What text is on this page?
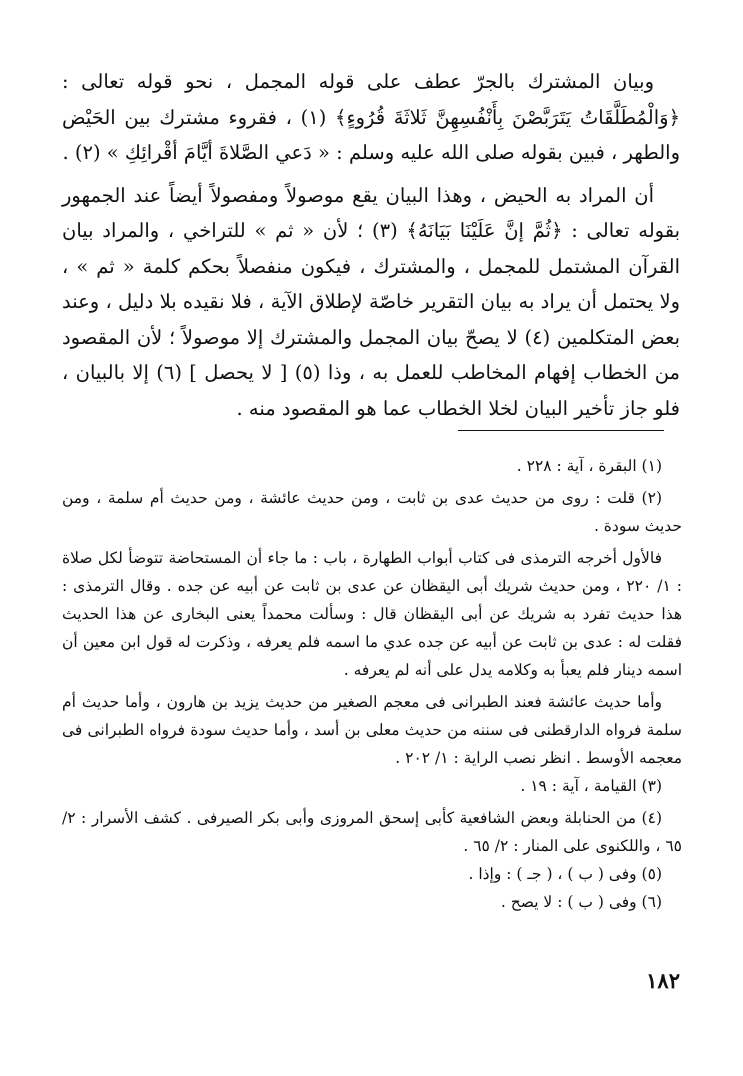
وبيان المشترك بالجرّ عطف على قوله المجمل ، نحو قوله تعالى : ﴿وَالْمُطَلَّقَاتُ يَتَرَبَّصْنَ بِأَنْفُسِهِنَّ ثَلاثَةَ قُرُوءٍ﴾ (١) ، فقروء مشترك بين الحَيْض والطهر ، فبين بقوله صلى الله عليه وسلم : « دَعي الصَّلاةَ أيَّامَ أقْرائِكِ » (٢) .

أن المراد به الحيض ، وهذا البيان يقع موصولاً ومفصولاً أيضاً عند الجمهور بقوله تعالى : ﴿ثُمَّ إنَّ عَلَيْنَا بَيَانَهُ﴾ (٣) ؛ لأن « ثم » للتراخي ، والمراد بيان القرآن المشتمل للمجمل ، والمشترك ، فيكون منفصلاً بحكم كلمة « ثم » ، ولا يحتمل أن يراد به بيان التقرير خاصّة لإطلاق الآية ، فلا نقيده بلا دليل ، وعند بعض المتكلمين (٤) لا يصحّ بيان المجمل والمشترك إلا موصولاً ؛ لأن المقصود من الخطاب إفهام المخاطب للعمل به ، وذا (٥) [ لا يحصل ] (٦) إلا بالبيان ، فلو جاز تأخير البيان لخلا الخطاب عما هو المقصود منه .

(١) البقرة ، آية : ٢٢٨ .

(٢) قلت : روى من حديث عدى بن ثابت ، ومن حديث عائشة ، ومن حديث أم سلمة ، ومن حديث سودة .

فالأول أخرجه الترمذى فى كتاب أبواب الطهارة ، باب : ما جاء أن المستحاضة تتوضأ لكل صلاة : ١/ ٢٢٠ ، ومن حديث شريك أبى اليقظان عن عدى بن ثابت عن أبيه عن جده . وقال الترمذى : هذا حديث تفرد به شريك عن أبى اليقظان قال : وسألت محمداً يعنى البخارى عن هذا الحديث فقلت له : عدى بن ثابت عن أبيه عن جده عدي ما اسمه فلم يعرفه ، وذكرت له قول ابن معين أن اسمه دينار فلم يعبأ به وكلامه يدل على أنه لم يعرفه .

وأما حديث عائشة فعند الطبرانى فى معجم الصغير من حديث يزيد بن هارون ، وأما حديث أم سلمة فرواه الدارقطنى فى سننه من حديث معلى بن أسد ، وأما حديث سودة فرواه الطبرانى فى معجمه الأوسط . انظر نصب الراية : ١/ ٢٠٢ .

(٣) القيامة ، آية : ١٩ .

(٤) من الحنابلة وبعض الشافعية كأبى إسحق المروزى وأبى بكر الصيرفى . كشف الأسرار : ٢/ ٦٥ ، واللكنوى على المنار : ٢/ ٦٥ .

(٥) وفى ( ب ) ، ( جـ ) : وإذا .

(٦) وفى ( ب ) : لا يصح .

١٨٢
